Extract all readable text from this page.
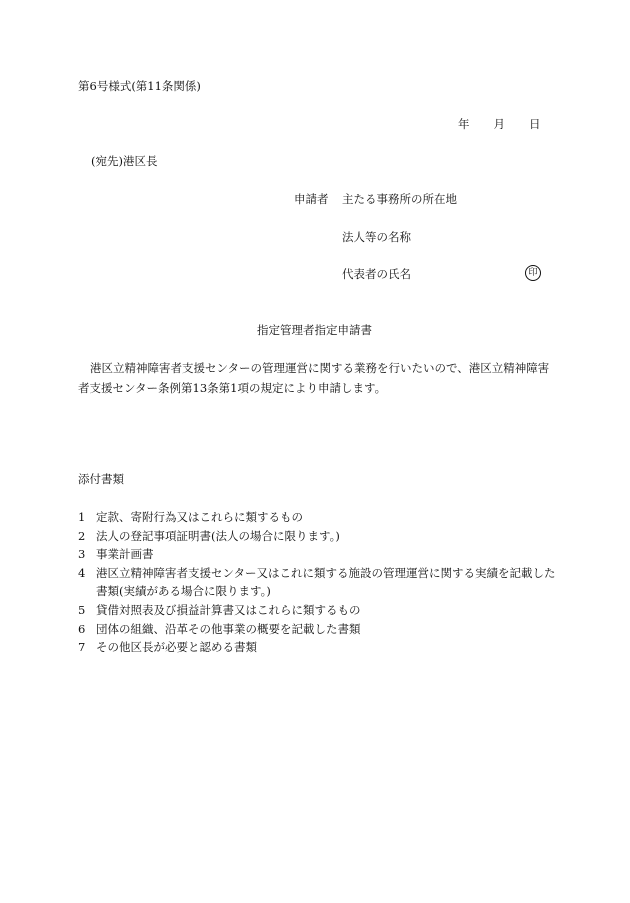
第6号様式(第11条関係)
年 月 日
(宛先)港区長
申請者 主たる事務所の所在地
法人等の名称
代表者の氏名	印
指定管理者指定申請書
港区立精神障害者支援センターの管理運営に関する業務を行いたいので、港区立精神障害者支援センター条例第13条第1項の規定により申請します。
添付書類
1 定款、寄附行為又はこれらに類するもの
2 法人の登記事項証明書(法人の場合に限ります。)
3 事業計画書
4 港区立精神障害者支援センター又はこれに類する施設の管理運営に関する実績を記載した書類(実績がある場合に限ります。)
5 貸借対照表及び損益計算書又はこれらに類するもの
6 団体の組織、沿革その他事業の概要を記載した書類
7 その他区長が必要と認める書類
